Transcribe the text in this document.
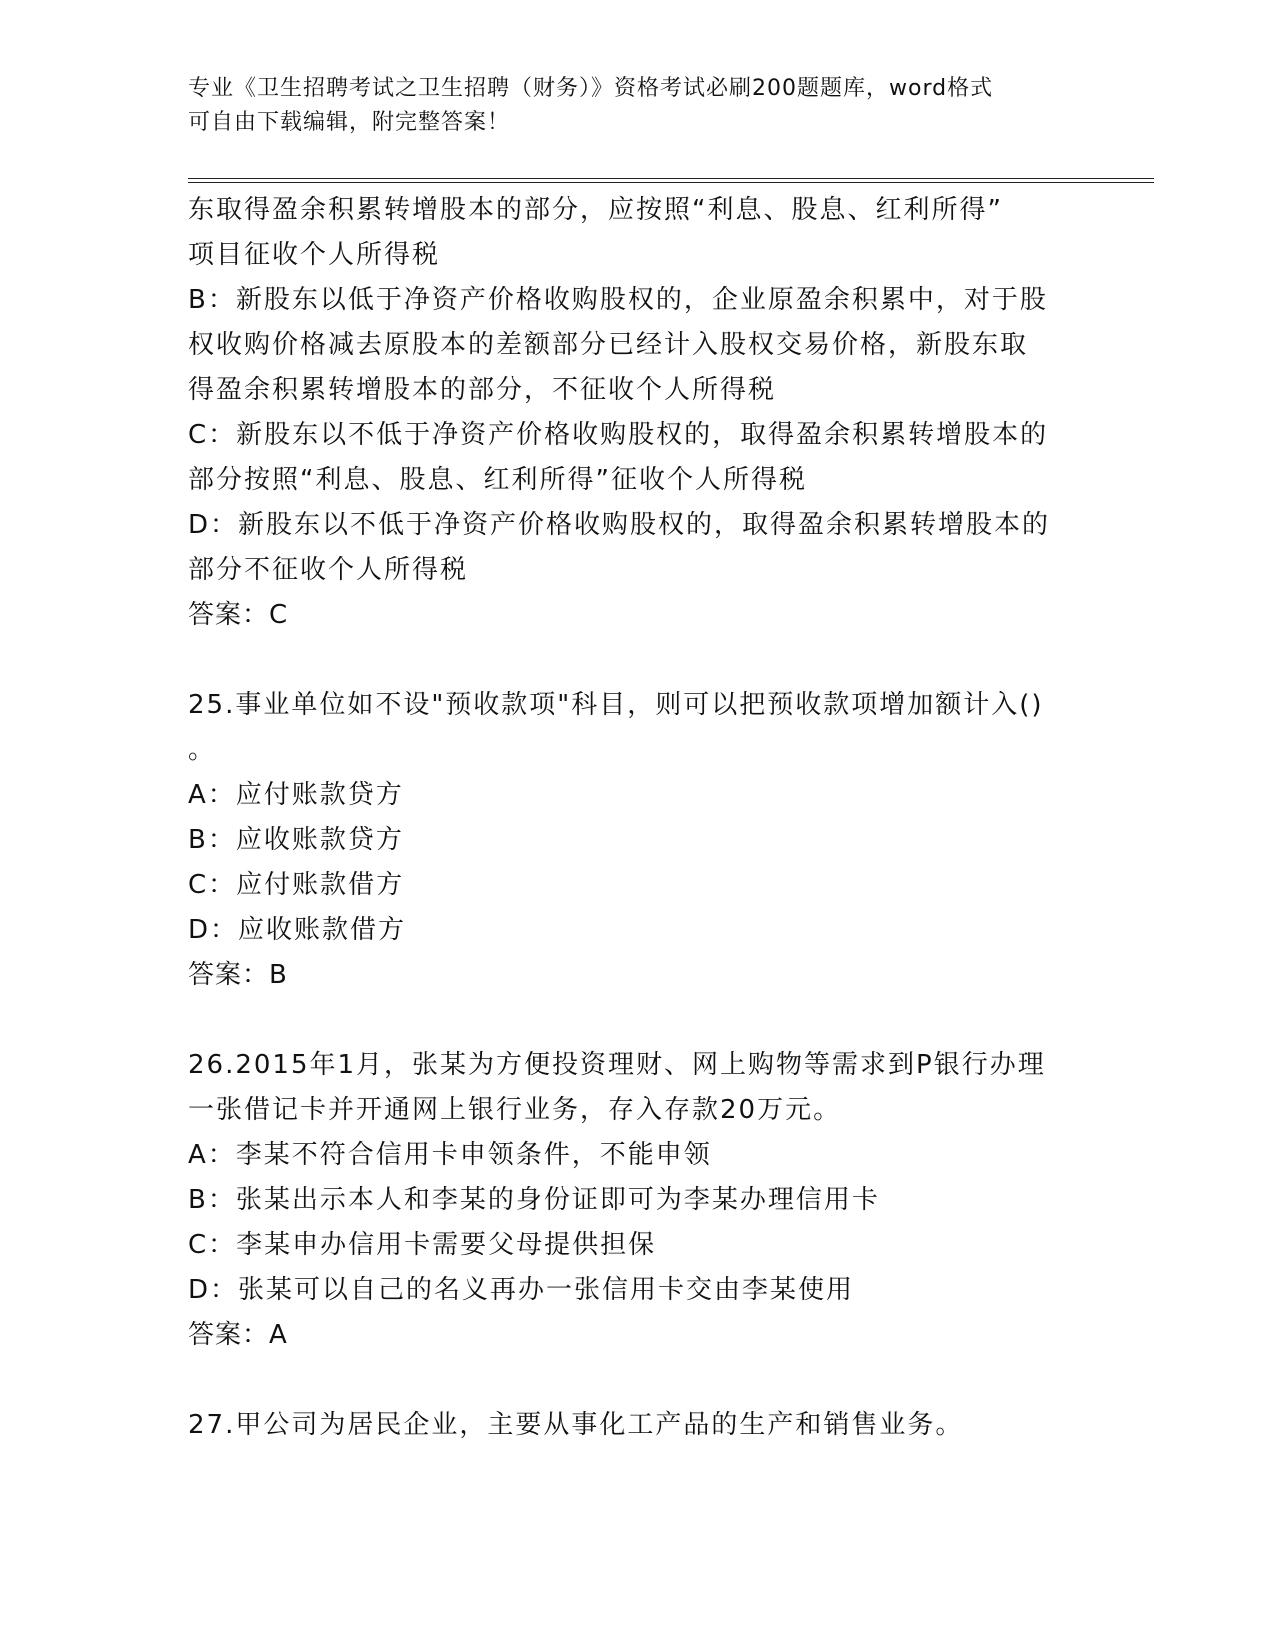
专业《卫生招聘考试之卫生招聘（财务）》资格考试必刷200题题库，word格式
可自由下载编辑，附完整答案！
东取得盈余积累转增股本的部分，应按照“利息、股息、红利所得”
项目征收个人所得税
B：新股东以低于净资产价格收购股权的，企业原盈余积累中，对于股
权收购价格减去原股本的差额部分已经计入股权交易价格，新股东取
得盈余积累转增股本的部分，不征收个人所得税
C：新股东以不低于净资产价格收购股权的，取得盈余积累转增股本的
部分按照“利息、股息、红利所得”征收个人所得税
D：新股东以不低于净资产价格收购股权的，取得盈余积累转增股本的
部分不征收个人所得税
答案：C
25.事业单位如不设"预收款项"科目，则可以把预收款项增加额计入()
。
A：应付账款贷方
B：应收账款贷方
C：应付账款借方
D：应收账款借方
答案：B
26.2015年1月，张某为方便投资理财、网上购物等需求到P银行办理
一张借记卡并开通网上银行业务，存入存款20万元。
A：李某不符合信用卡申领条件，不能申领
B：张某出示本人和李某的身份证即可为李某办理信用卡
C：李某申办信用卡需要父母提供担保
D：张某可以自己的名义再办一张信用卡交由李某使用
答案：A
27.甲公司为居民企业，主要从事化工产品的生产和销售业务。
